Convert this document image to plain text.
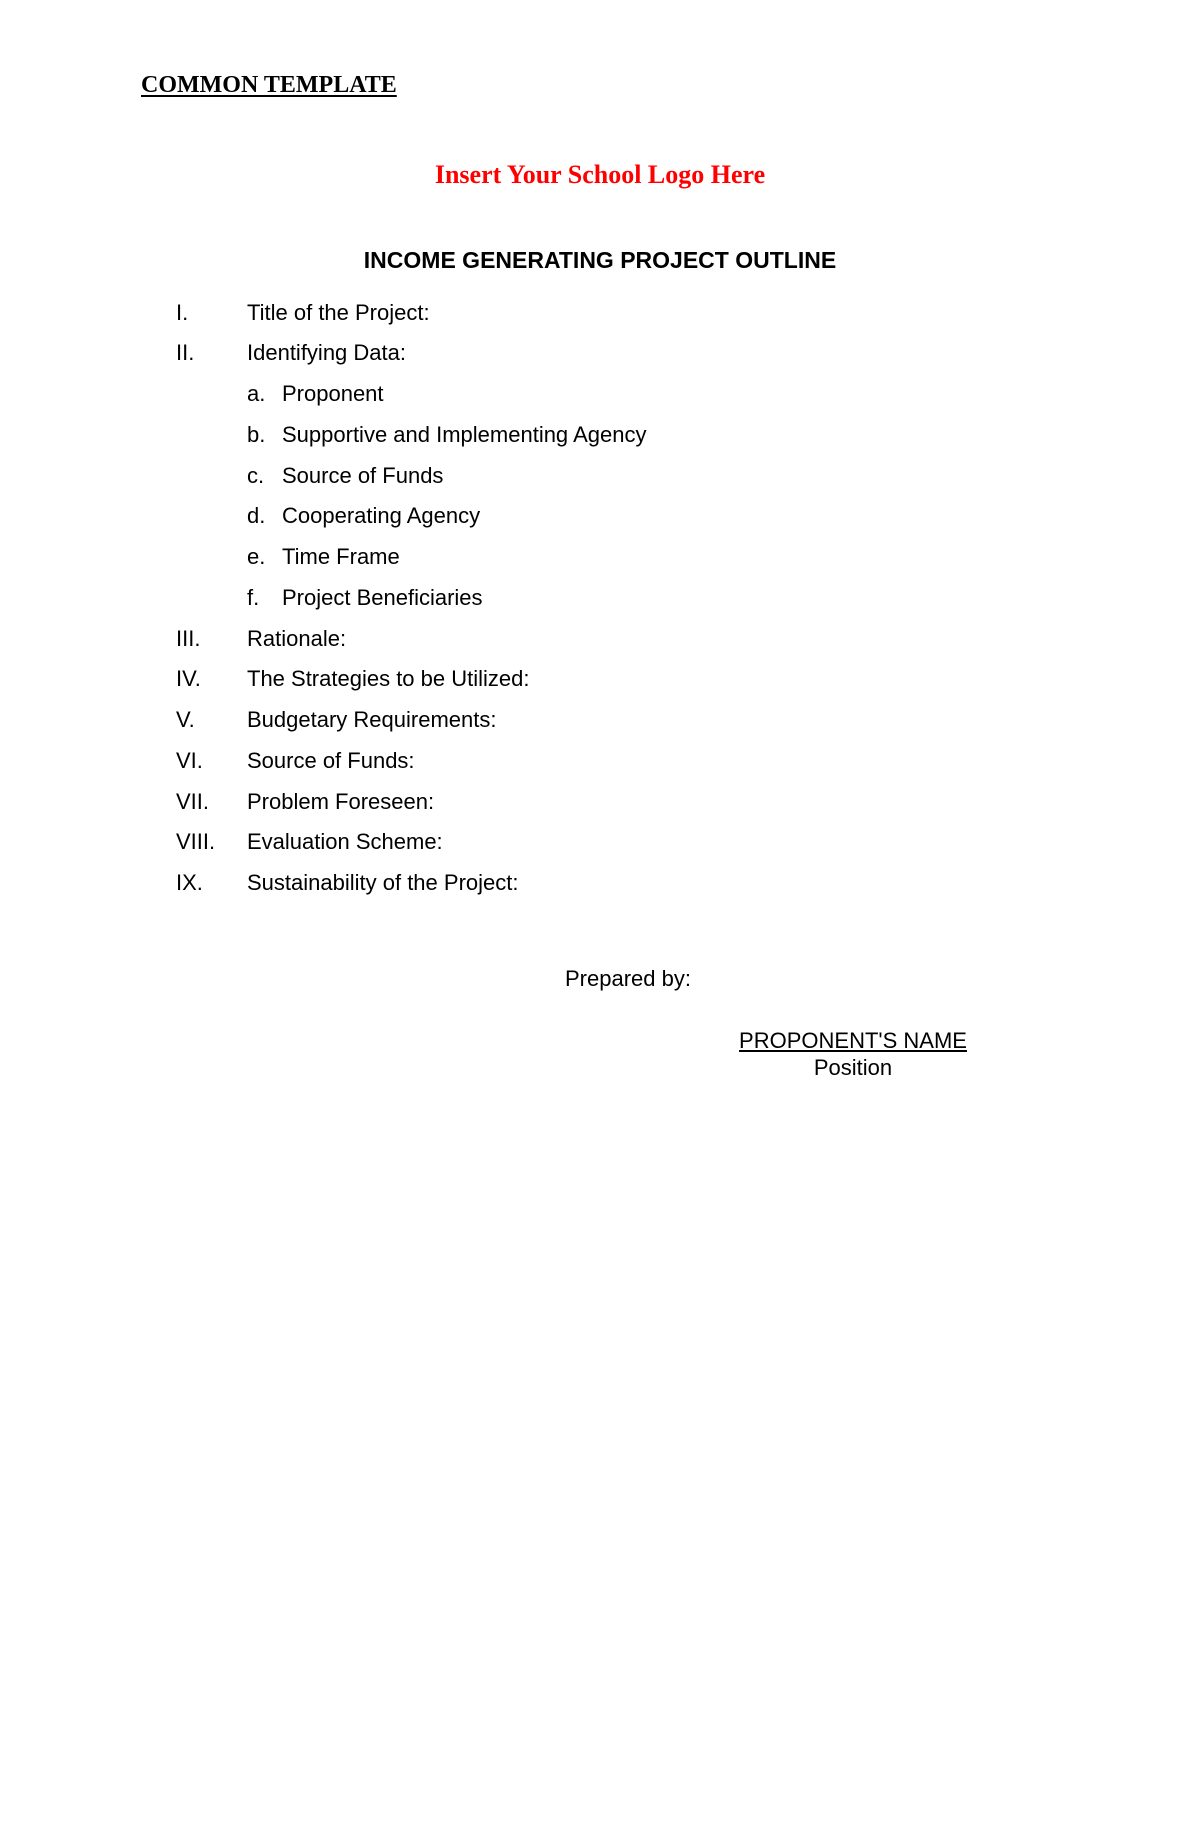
COMMON TEMPLATE
Insert Your School Logo Here
INCOME GENERATING PROJECT OUTLINE
I.	Title of the Project:
II. Identifying Data:
a. Proponent
b. Supportive and Implementing Agency
c. Source of Funds
d. Cooperating Agency
e. Time Frame
f. Project Beneficiaries
III. Rationale:
IV. The Strategies to be Utilized:
V. Budgetary Requirements:
VI. Source of Funds:
VII. Problem Foreseen:
VIII. Evaluation Scheme:
IX. Sustainability of the Project:
Prepared by:
PROPONENT'S NAME
Position
